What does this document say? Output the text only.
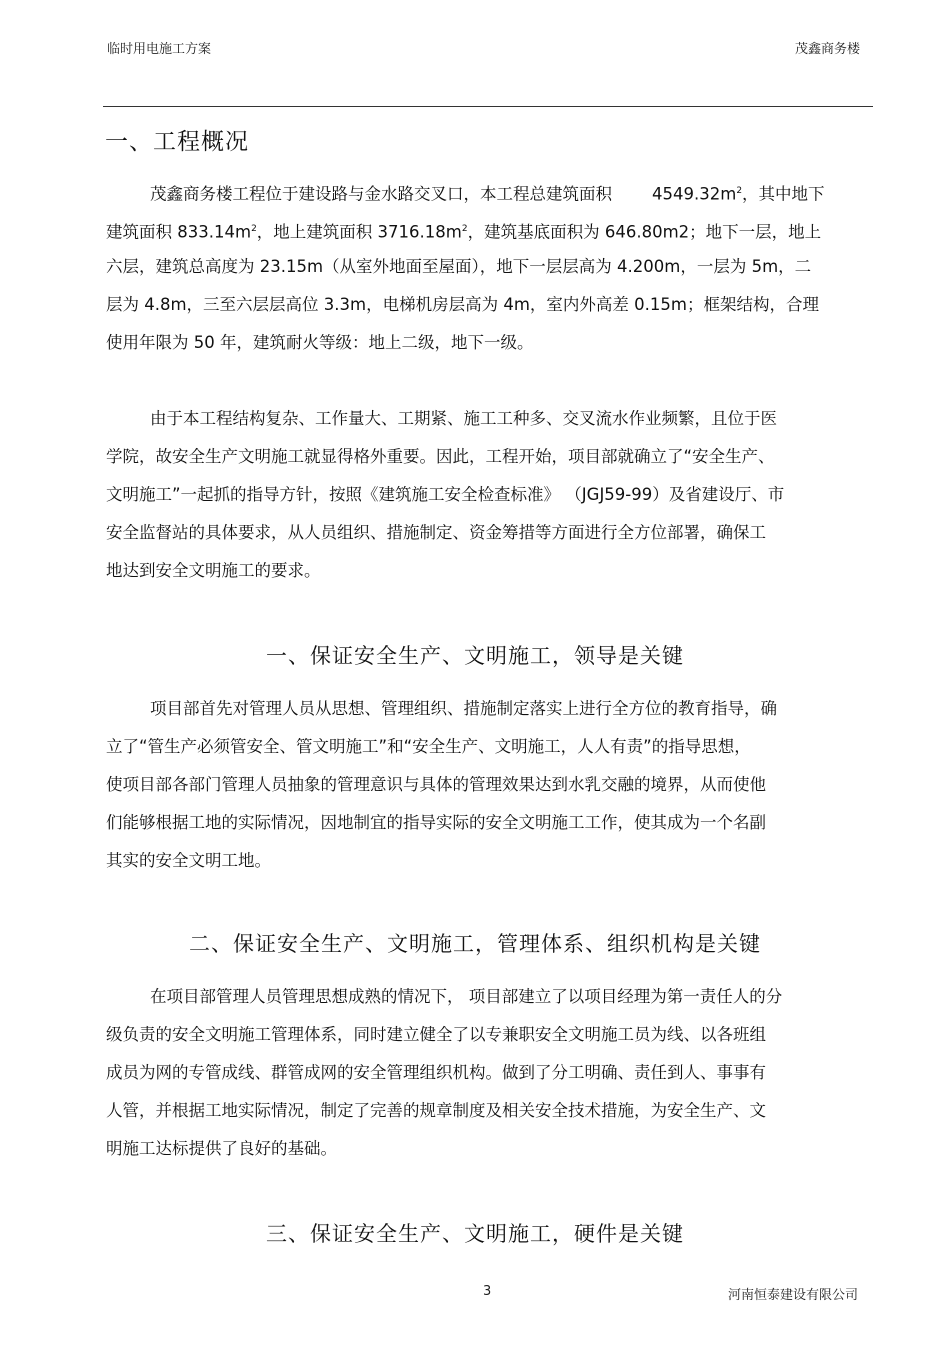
临时用电施工方案	茂鑫商务楼
一、工程概况
茂鑫商务楼工程位于建设路与金水路交叉口，本工程总建筑面积 $4549.32m^2$，其中地下
建筑面积 $833.14m^2$，地上建筑面积 $3716.18m^2$，建筑基底面积为 646.80m2；地下一层，地上
六层，建筑总高度为 23.15m（从室外地面至屋面），地下一层层高为 4.200m，一层为 5m，二
层为 4.8m，三至六层层高位 3.3m，电梯机房层高为 4m，室内外高差 0.15m；框架结构，合理
使用年限为 50 年，建筑耐火等级：地上二级，地下一级。
由于本工程结构复杂、工作量大、工期紧、施工工种多、交叉流水作业频繁，且位于医
学院，故安全生产文明施工就显得格外重要。因此，工程开始，项目部就确立了“安全生产、
文明施工”一起抓的指导方针，按照《建筑施工安全检查标准》 （JGJ59-99）及省建设厅、市
安全监督站的具体要求，从人员组织、措施制定、资金筹措等方面进行全方位部署，确保工
地达到安全文明施工的要求。
一、保证安全生产、文明施工，领导是关键
项目部首先对管理人员从思想、管理组织、措施制定落实上进行全方位的教育指导，确
立了“管生产必须管安全、管文明施工”和“安全生产、文明施工，人人有责”的指导思想，
使项目部各部门管理人员抽象的管理意识与具体的管理效果达到水乳交融的境界，从而使他
们能够根据工地的实际情况，因地制宜的指导实际的安全文明施工工作，使其成为一个名副
其实的安全文明工地。
二、保证安全生产、文明施工，管理体系、组织机构是关键
在项目部管理人员管理思想成熟的情况下， 项目部建立了以项目经理为第一责任人的分
级负责的安全文明施工管理体系，同时建立健全了以专兼职安全文明施工员为线、以各班组
成员为网的专管成线、群管成网的安全管理组织机构。做到了分工明确、责任到人、事事有
人管，并根据工地实际情况，制定了完善的规章制度及相关安全技术措施，为安全生产、文
明施工达标提供了良好的基础。
三、保证安全生产、文明施工，硬件是关键
3	河南恒泰建设有限公司
